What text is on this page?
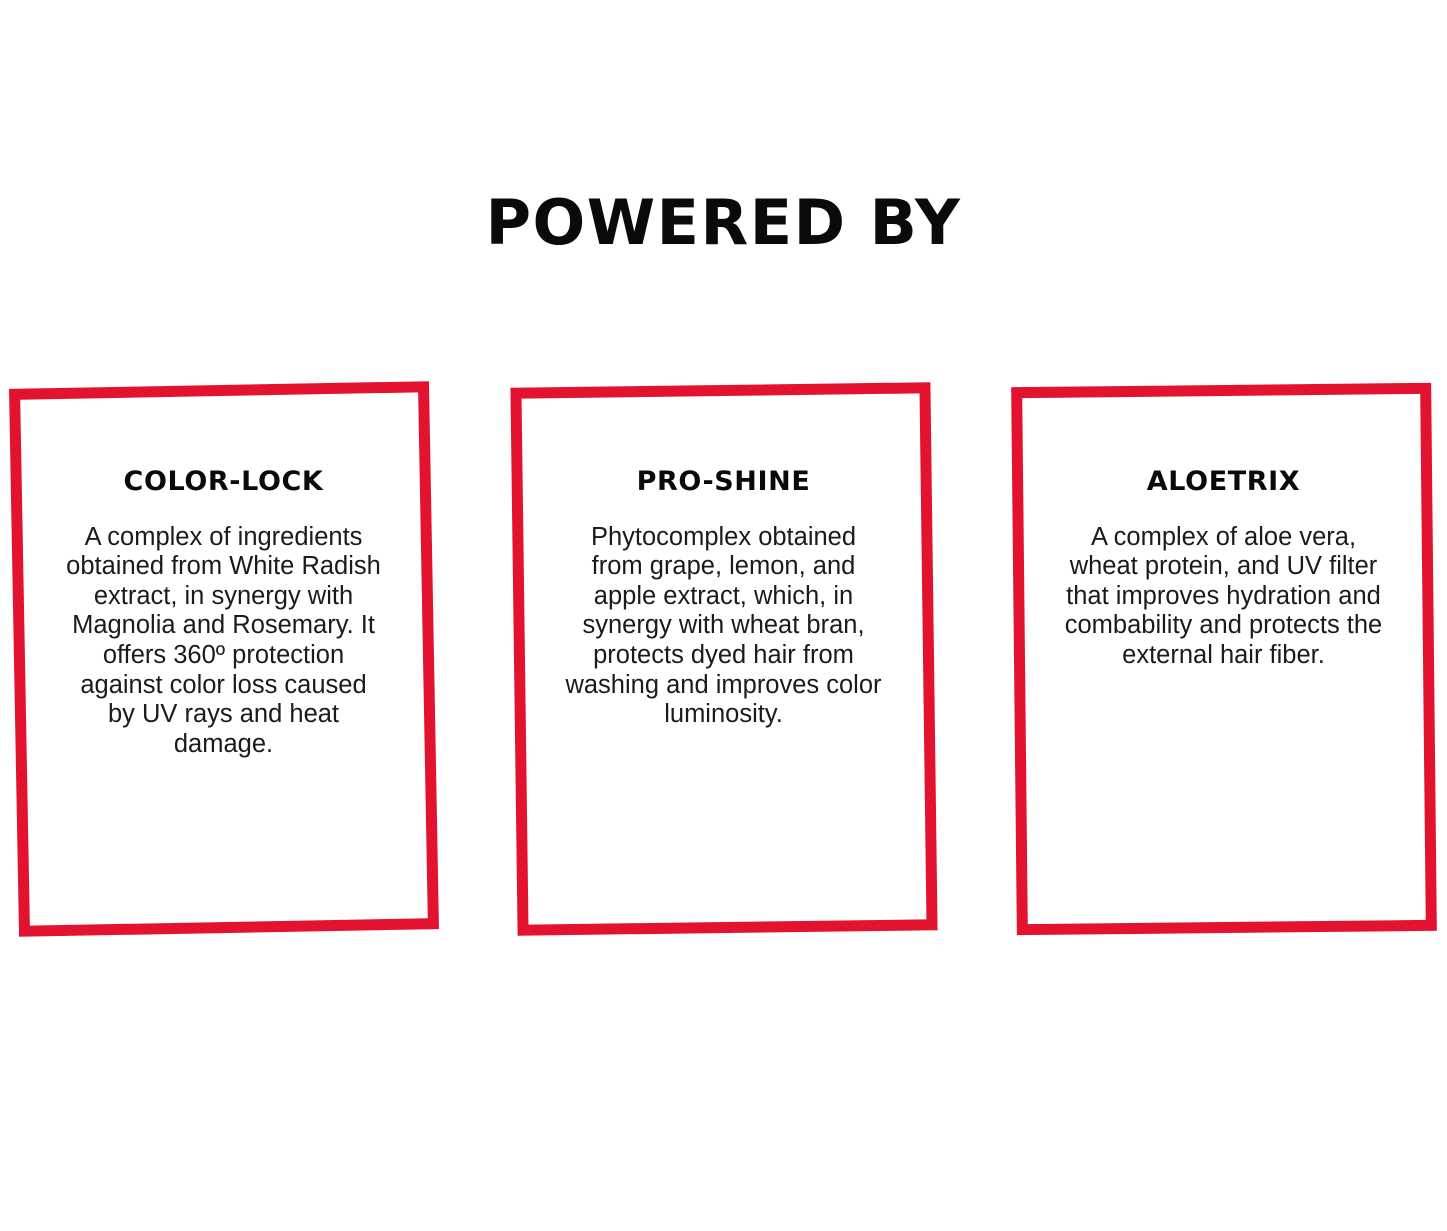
POWERED BY
COLOR-LOCK

A complex of ingredients obtained from White Radish extract, in synergy with Magnolia and Rosemary. It offers 360º protection against color loss caused by UV rays and heat damage.

PRO-SHINE

Phytocomplex obtained from grape, lemon, and apple extract, which, in synergy with wheat bran, protects dyed hair from washing and improves color luminosity.

ALOETRIX

A complex of aloe vera, wheat protein, and UV filter that improves hydration and combability and protects the external hair fiber.
